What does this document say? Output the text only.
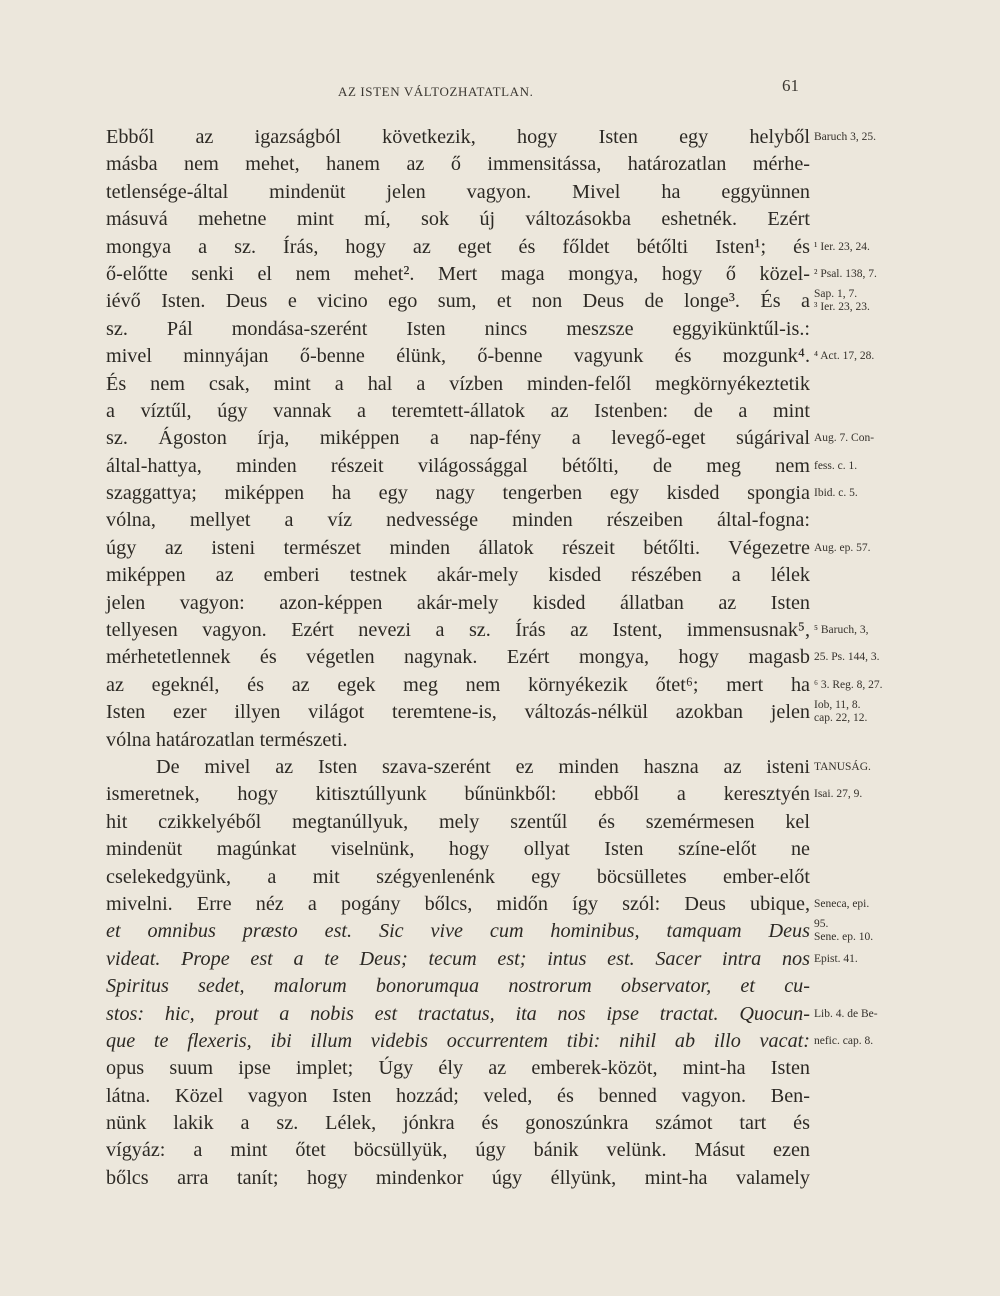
AZ ISTEN VÁLTOZHATATLAN.	61
Ebből az igazságból következik, hogy Isten egy helyből
másba nem mehet, hanem az ő immensitássa, határozatlan mérhe-
tetlensége-által mindenüt jelen vagyon. Mivel ha eggyünnen
másuvá mehetne mint mí, sok új változásokba eshetnék. Ezért
mongya a sz. Írás, hogy az eget és főldet bétőlti Isten¹; és
ő-előtte senki el nem mehet². Mert maga mongya, hogy ő közel-
iévő Isten. Deus e vicino ego sum, et non Deus de longe³. És a
sz. Pál mondása-szerént Isten nincs meszsze eggyikünktűl-is.:
mivel minnyájan ő-benne élünk, ő-benne vagyunk és mozgunk⁴.
És nem csak, mint a hal a vízben minden-felől megkörnyékeztetik
a víztűl, úgy vannak a teremtett-állatok az Istenben: de a mint
sz. Ágoston írja, miképpen a nap-fény a levegő-eget súgárival
által-hattya, minden részeit világossággal bétőlti, de meg nem
szaggattya; miképpen ha egy nagy tengerben egy kisded spongia
vólna, mellyet a víz nedvessége minden részeiben által-fogna:
úgy az isteni természet minden állatok részeit bétőlti. Végezetre
miképpen az emberi testnek akár-mely kisded részében a lélek
jelen vagyon: azon-képpen akár-mely kisded állatban az Isten
tellyesen vagyon. Ezért nevezi a sz. Írás az Istent, immensusnak⁵,
mérhetetlennek és végetlen nagynak. Ezért mongya, hogy magasb
az egeknél, és az egek meg nem környékezik őtet⁶; mert ha
Isten ezer illyen világot teremtene-is, változás-nélkül azokban jelen
vólna határozatlan természeti.
De mivel az Isten szava-szerént ez minden haszna az isteni
ismeretnek, hogy kitisztúllyunk bűnünkből: ebből a keresztyén
hit czikkelyéből megtanúllyuk, mely szentűl és szemérmesen kel
mindenüt magúnkat viselnünk, hogy ollyat Isten színe-előt ne
cselekedgyünk, a mit szégyenlenénk egy böcsülletes ember-előt
mivelni. Erre néz a pogány bőlcs, midőn így szól: Deus ubique,
et omnibus præsto est. Sic vive cum hominibus, tamquam Deus
videat. Prope est a te Deus; tecum est; intus est. Sacer intra nos
Spiritus sedet, malorum bonorumqua nostrorum observator, et cu-
stos: hic, prout a nobis est tractatus, ita nos ipse tractat. Quocun-
que te flexeris, ibi illum videbis occurrentem tibi: nihil ab illo vacat:
opus suum ipse implet; Úgy ély az emberek-közöt, mint-ha Isten
látna. Közel vagyon Isten hozzád; veled, és benned vagyon. Ben-
nünk lakik a sz. Lélek, jónkra és gonoszúnkra számot tart és
vígyáz: a mint őtet böcsüllyük, úgy bánik velünk. Másut ezen
bőlcs arra tanít; hogy mindenkor úgy éllyünk, mint-ha valamely
Baruch 3, 25.
¹ Ier. 23, 24.
² Psal. 138, 7.
Sap. 1, 7.
³ Ier. 23, 23.
⁴ Act. 17, 28.
Aug. 7. Con-
fess. c. 1.
Ibid. c. 5.
Aug. ep. 57.
⁵ Baruch, 3,
25. Ps. 144, 3.
⁶ 3. Reg. 8, 27.
Iob, 11, 8.
cap. 22, 12.
TANUSÁG.
Isai. 27, 9.
Seneca, epi.
95.
Sene. ep. 10.
Epist. 41.
Lib. 4. de Be-
nefic. cap. 8.
